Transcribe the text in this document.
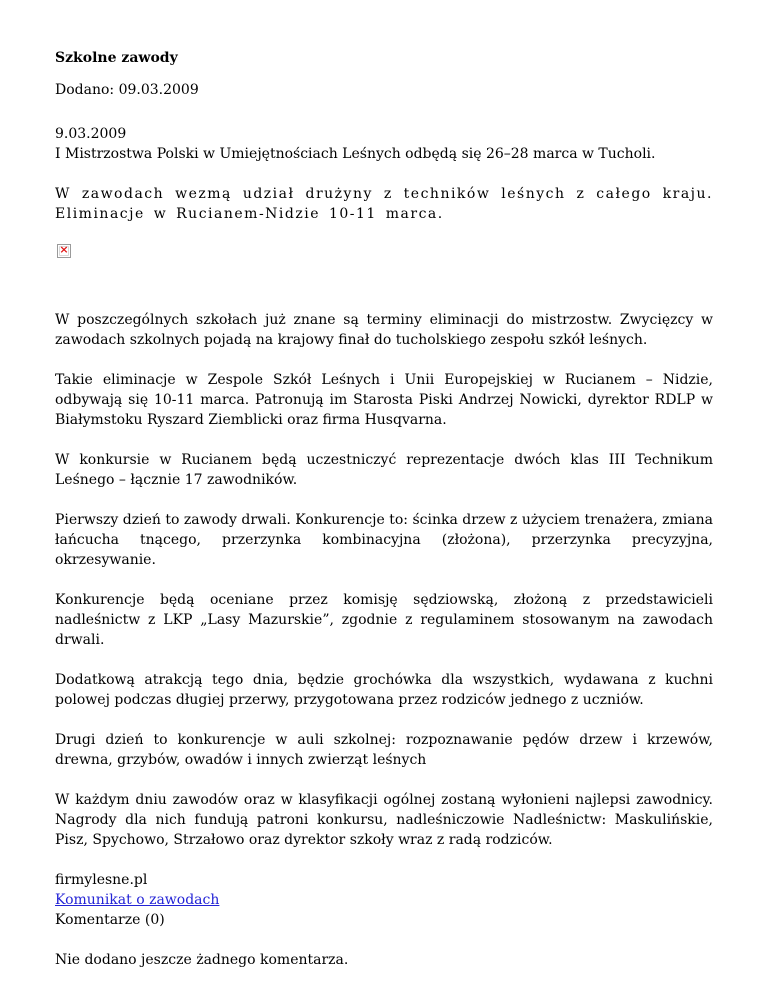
Szkolne zawody
Dodano: 09.03.2009
9.03.2009

I Mistrzostwa Polski w Umiejętnościach Leśnych odbędą się 26–28 marca w Tucholi.

W zawodach wezmą udział drużyny z techników leśnych z całego kraju. Eliminacje w Rucianem-Nidzie 10-11 marca.

×

W poszczególnych szkołach już znane są terminy eliminacji do mistrzostw. Zwycięzcy w zawodach szkolnych pojadą na krajowy finał do tucholskiego zespołu szkół leśnych.

Takie eliminacje w Zespole Szkół Leśnych i Unii Europejskiej w Rucianem – Nidzie, odbywają się 10-11 marca. Patronują im Starosta Piski Andrzej Nowicki, dyrektor RDLP w Białymstoku Ryszard Ziemblicki oraz firma Husqvarna.

W konkursie w Rucianem będą uczestniczyć reprezentacje dwóch klas III Technikum Leśnego – łącznie 17 zawodników.

Pierwszy dzień to zawody drwali. Konkurencje to: ścinka drzew z użyciem trenażera, zmiana łańcucha tnącego, przerzynka kombinacyjna (złożona), przerzynka precyzyjna, okrzesywanie.

Konkurencje będą oceniane przez komisję sędziowską, złożoną z przedstawicieli nadleśnictw z LKP „Lasy Mazurskie”, zgodnie z regulaminem stosowanym na zawodach drwali.

Dodatkową atrakcją tego dnia, będzie grochówka dla wszystkich, wydawana z kuchni polowej podczas długiej przerwy, przygotowana przez rodziców jednego z uczniów.

Drugi dzień to konkurencje w auli szkolnej: rozpoznawanie pędów drzew i krzewów, drewna, grzybów, owadów i innych zwierząt leśnych

W każdym dniu zawodów oraz w klasyfikacji ogólnej zostaną wyłonieni najlepsi zawodnicy. Nagrody dla nich fundują patroni konkursu, nadleśniczowie Nadleśnictw: Maskulińskie, Pisz, Spychowo, Strzałowo oraz dyrektor szkoły wraz z radą rodziców.

firmylesne.pl
Komunikat o zawodach
Komentarze (0)
Nie dodano jeszcze żadnego komentarza.
